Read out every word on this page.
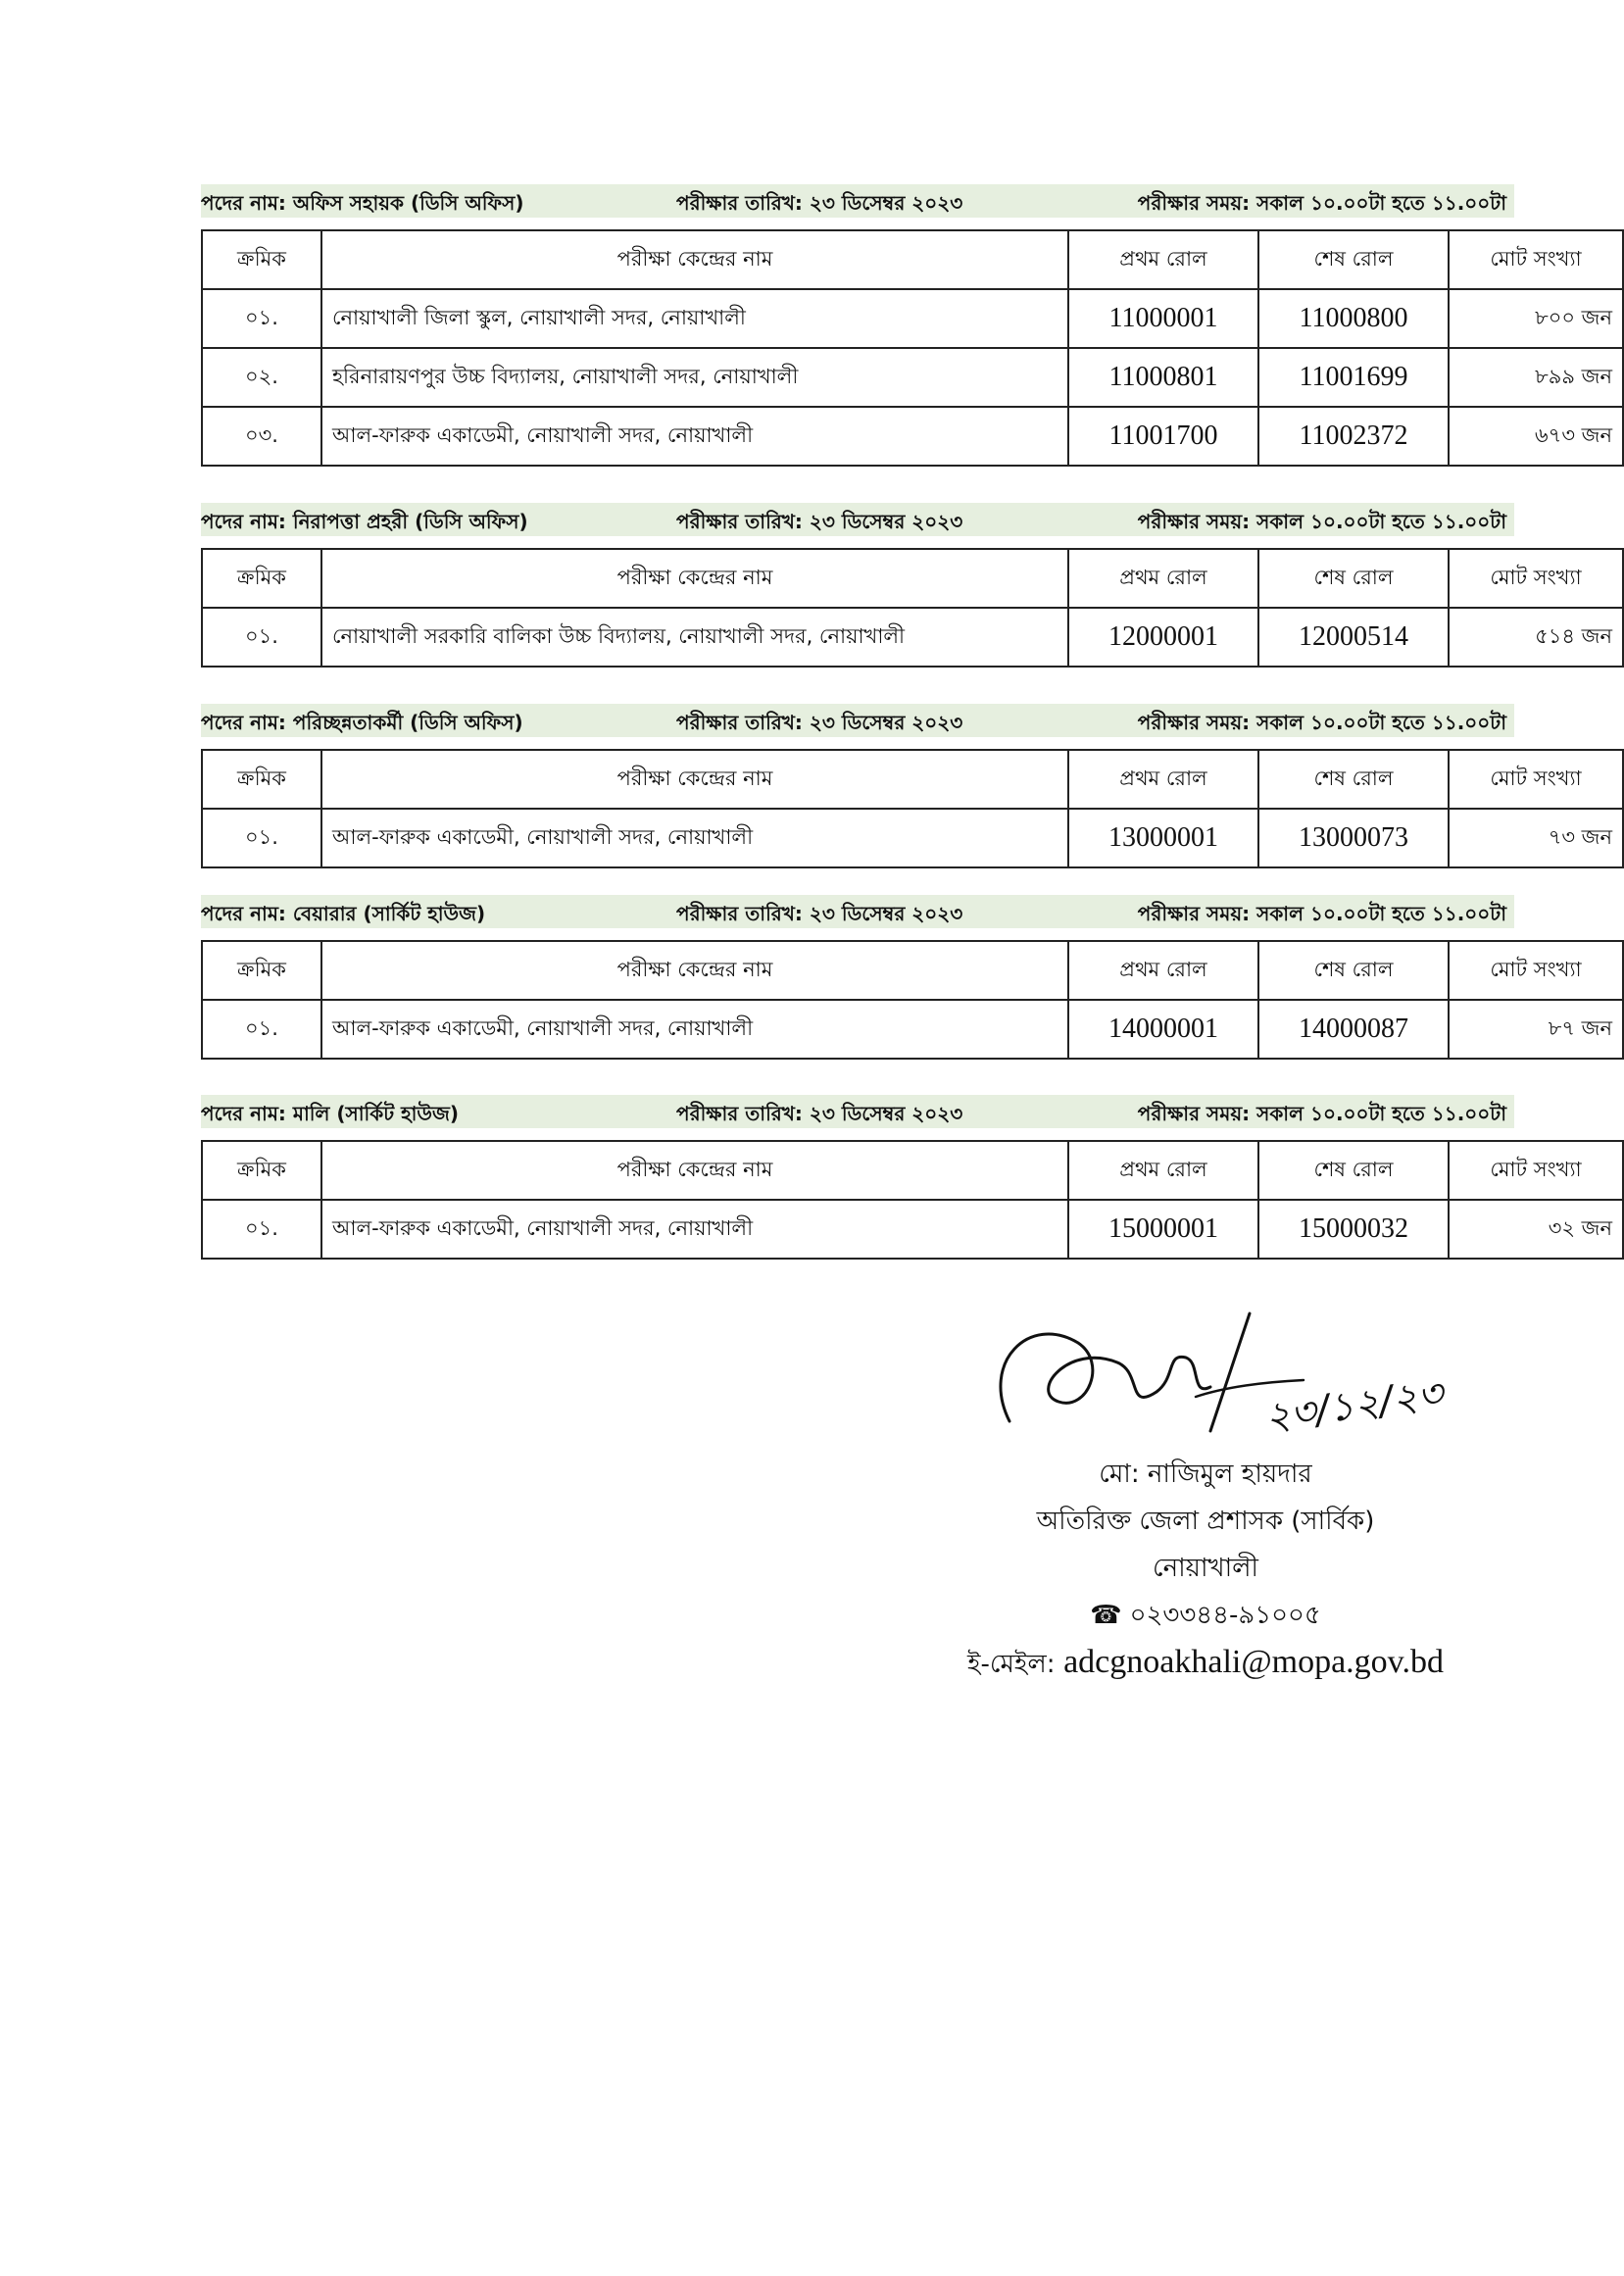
পদের নাম: অফিস সহায়ক (ডিসি অফিস)	পরীক্ষার তারিখ: ২৩ ডিসেম্বর ২০২৩	পরীক্ষার সময়: সকাল ১০.০০টা হতে ১১.০০টা
ক্রমিক	পরীক্ষা কেন্দ্রের নাম	প্রথম রোল	শেষ রোল	মোট সংখ্যা
০১.	নোয়াখালী জিলা স্কুল, নোয়াখালী সদর, নোয়াখালী	11000001	11000800	৮০০ জন
০২.	হরিনারায়ণপুর উচ্চ বিদ্যালয়, নোয়াখালী সদর, নোয়াখালী	11000801	11001699	৮৯৯ জন
০৩.	আল-ফারুক একাডেমী, নোয়াখালী সদর, নোয়াখালী	11001700	11002372	৬৭৩ জন
পদের নাম: নিরাপত্তা প্রহরী (ডিসি অফিস)	পরীক্ষার তারিখ: ২৩ ডিসেম্বর ২০২৩	পরীক্ষার সময়: সকাল ১০.০০টা হতে ১১.০০টা
ক্রমিক	পরীক্ষা কেন্দ্রের নাম	প্রথম রোল	শেষ রোল	মোট সংখ্যা
০১.	নোয়াখালী সরকারি বালিকা উচ্চ বিদ্যালয়, নোয়াখালী সদর, নোয়াখালী	12000001	12000514	৫১৪ জন
পদের নাম: পরিচ্ছন্নতাকর্মী (ডিসি অফিস)	পরীক্ষার তারিখ: ২৩ ডিসেম্বর ২০২৩	পরীক্ষার সময়: সকাল ১০.০০টা হতে ১১.০০টা
ক্রমিক	পরীক্ষা কেন্দ্রের নাম	প্রথম রোল	শেষ রোল	মোট সংখ্যা
০১.	আল-ফারুক একাডেমী, নোয়াখালী সদর, নোয়াখালী	13000001	13000073	৭৩ জন
পদের নাম: বেয়ারার (সার্কিট হাউজ)	পরীক্ষার তারিখ: ২৩ ডিসেম্বর ২০২৩	পরীক্ষার সময়: সকাল ১০.০০টা হতে ১১.০০টা
ক্রমিক	পরীক্ষা কেন্দ্রের নাম	প্রথম রোল	শেষ রোল	মোট সংখ্যা
০১.	আল-ফারুক একাডেমী, নোয়াখালী সদর, নোয়াখালী	14000001	14000087	৮৭ জন
পদের নাম: মালি (সার্কিট হাউজ)	পরীক্ষার তারিখ: ২৩ ডিসেম্বর ২০২৩	পরীক্ষার সময়: সকাল ১০.০০টা হতে ১১.০০টা
ক্রমিক	পরীক্ষা কেন্দ্রের নাম	প্রথম রোল	শেষ রোল	মোট সংখ্যা
০১.	আল-ফারুক একাডেমী, নোয়াখালী সদর, নোয়াখালী	15000001	15000032	৩২ জন
২৩/১২/২৩
মো: নাজিমুল হায়দার
অতিরিক্ত জেলা প্রশাসক (সার্বিক)
নোয়াখালী
☎ ০২৩৩৪৪-৯১০০৫
ই-মেইল: adcgnoakhali@mopa.gov.bd
